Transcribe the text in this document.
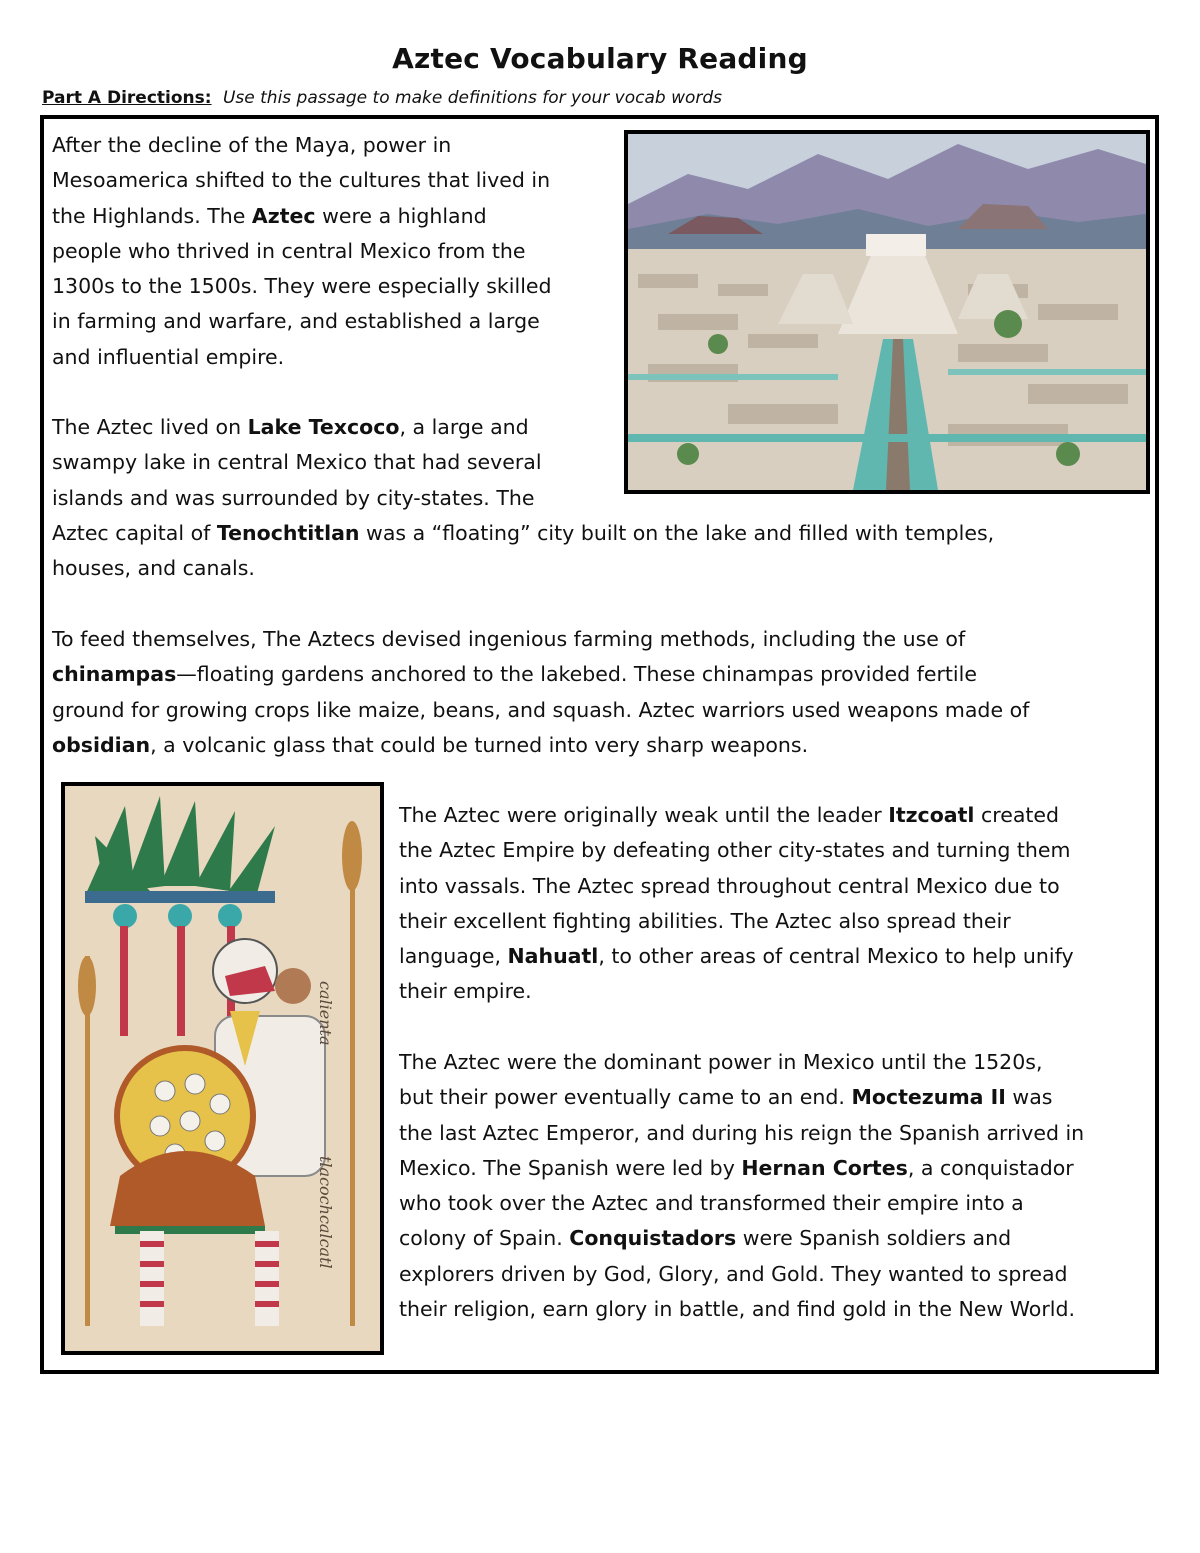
Aztec Vocabulary Reading
Part A Directions: Use this passage to make definitions for your vocab words
After the decline of the Maya, power in
Mesoamerica shifted to the cultures that lived in
the Highlands. The Aztec were a highland
people who thrived in central Mexico from the
1300s to the 1500s. They were especially skilled
in farming and warfare, and established a large
and influential empire.
The Aztec lived on Lake Texcoco, a large and
swampy lake in central Mexico that had several
islands and was surrounded by city-states. The
Aztec capital of Tenochtitlan was a “floating” city built on the lake and filled with temples,
houses, and canals.
To feed themselves, The Aztecs devised ingenious farming methods, including the use of
chinampas—floating gardens anchored to the lakebed. These chinampas provided fertile
ground for growing crops like maize, beans, and squash. Aztec warriors used weapons made of
obsidian, a volcanic glass that could be turned into very sharp weapons.
The Aztec were originally weak until the leader Itzcoatl created
the Aztec Empire by defeating other city-states and turning them
into vassals. The Aztec spread throughout central Mexico due to
their excellent fighting abilities. The Aztec also spread their
language, Nahuatl, to other areas of central Mexico to help unify
their empire.
The Aztec were the dominant power in Mexico until the 1520s,
but their power eventually came to an end. Moctezuma II was
the last Aztec Emperor, and during his reign the Spanish arrived in
Mexico. The Spanish were led by Hernan Cortes, a conquistador
who took over the Aztec and transformed their empire into a
colony of Spain. Conquistadors were Spanish soldiers and
explorers driven by God, Glory, and Gold. They wanted to spread
their religion, earn glory in battle, and find gold in the New World.
calienta
tlacochcalcatl
